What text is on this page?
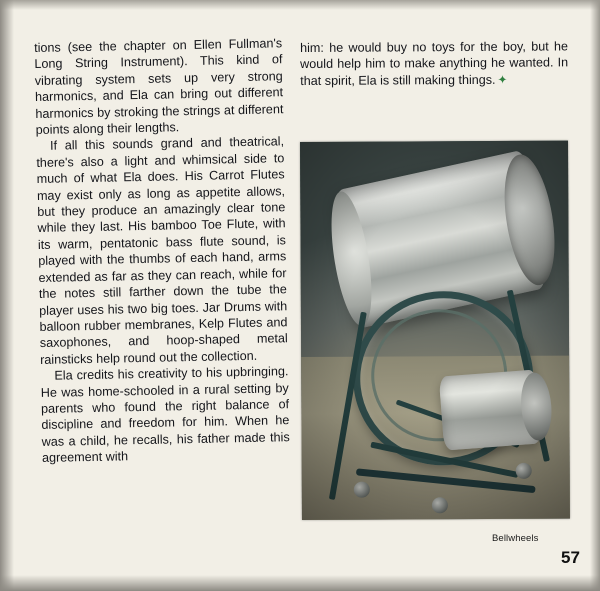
tions (see the chapter on Ellen Fullman's Long String Instrument). This kind of vibrating system sets up very strong harmonics, and Ela can bring out different harmonics by stroking the strings at different points along their lengths.

If all this sounds grand and theatrical, there's also a light and whimsical side to much of what Ela does. His Carrot Flutes may exist only as long as appetite allows, but they produce an amazingly clear tone while they last. His bamboo Toe Flute, with its warm, pentatonic bass flute sound, is played with the thumbs of each hand, arms extended as far as they can reach, while for the notes still farther down the tube the player uses his two big toes. Jar Drums with balloon rubber membranes, Kelp Flutes and saxophones, and hoop-shaped metal rainsticks help round out the collection.

Ela credits his creativity to his upbringing. He was home-schooled in a rural setting by parents who found the right balance of discipline and freedom for him. When he was a child, he recalls, his father made this agreement with

him: he would buy no toys for the boy, but he would help him to make anything he wanted. In that spirit, Ela is still making things. ✦

Bellwheels
57
